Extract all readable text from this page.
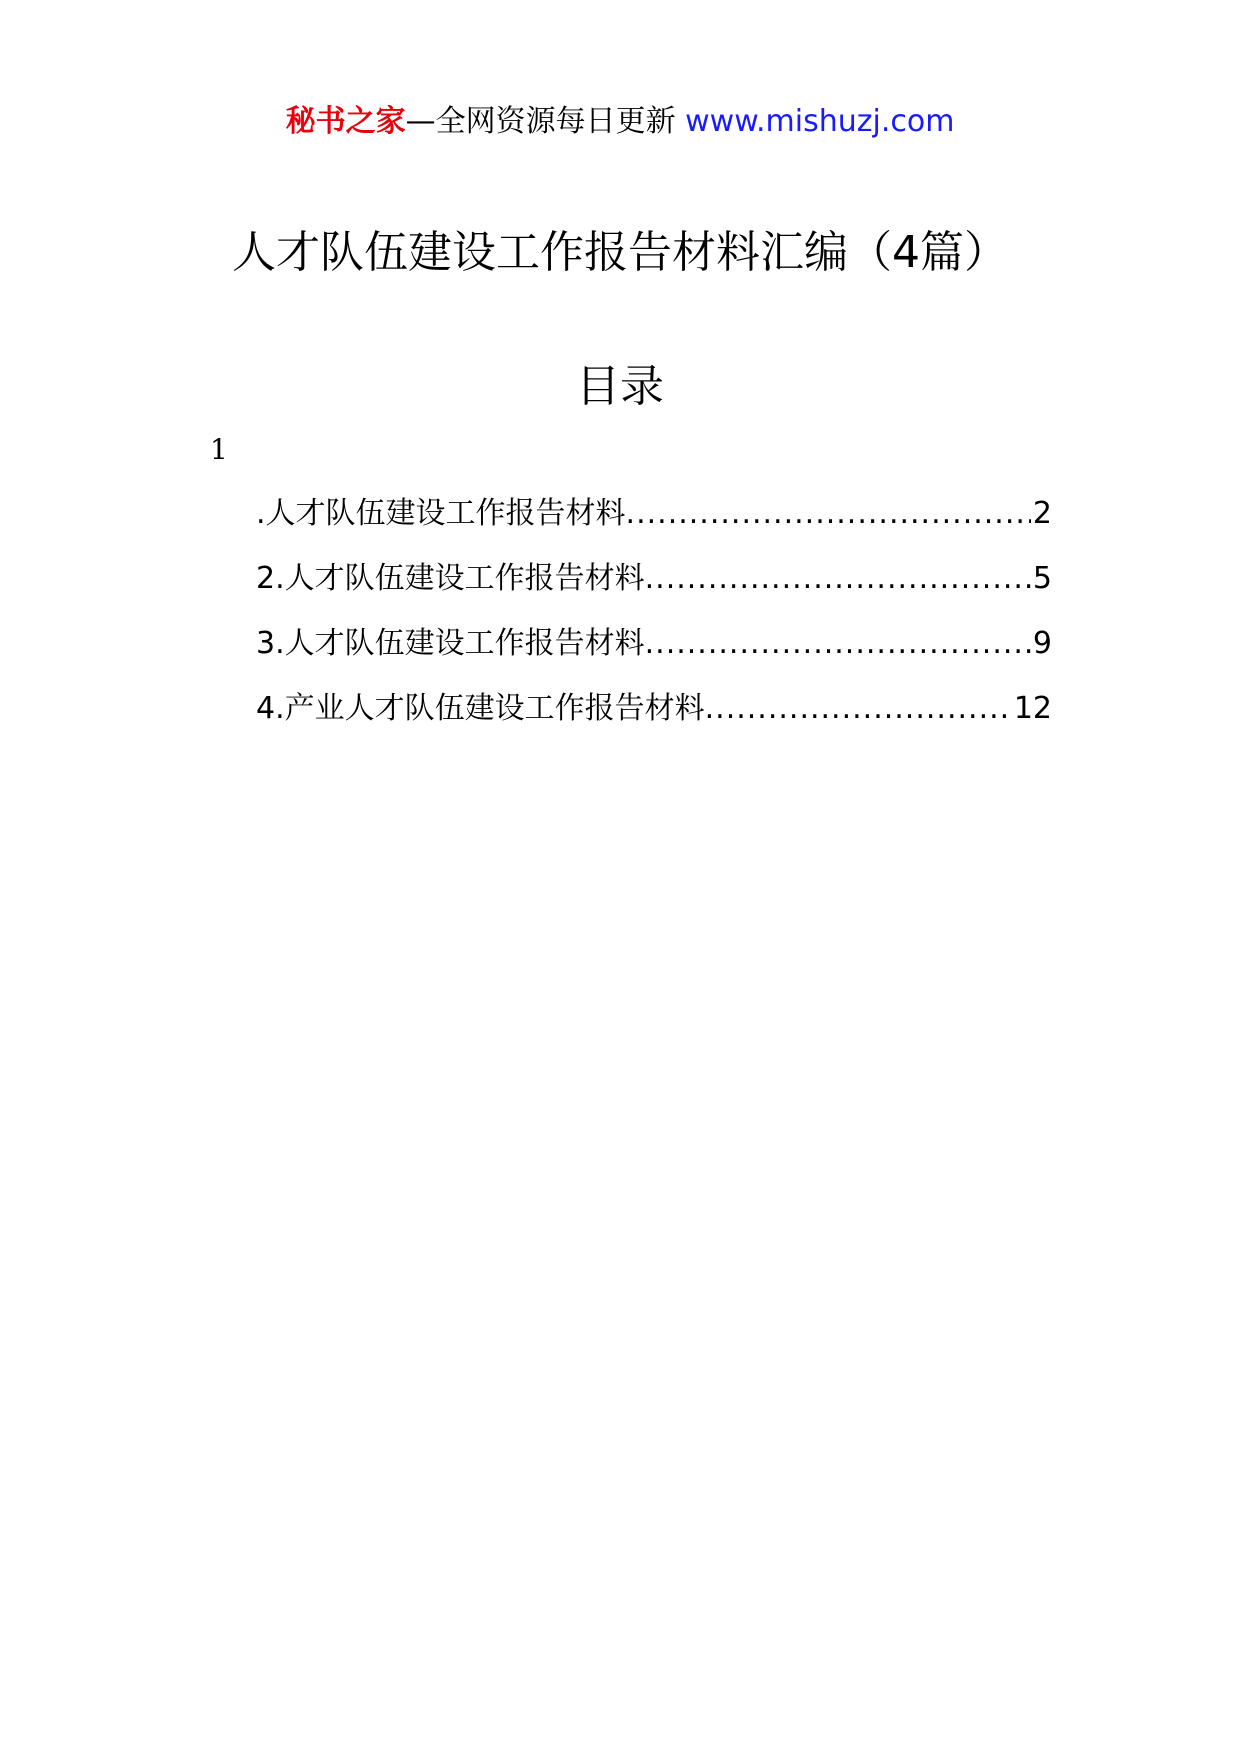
秘书之家—全网资源每日更新 www.mishuzj.com
人才队伍建设工作报告材料汇编（4篇）
目录
1
.人才队伍建设工作报告材料 .....	2
2.人才队伍建设工作报告材料 .....	5
3.人才队伍建设工作报告材料 .....	9
4.产业人才队伍建设工作报告材料 .....	12
